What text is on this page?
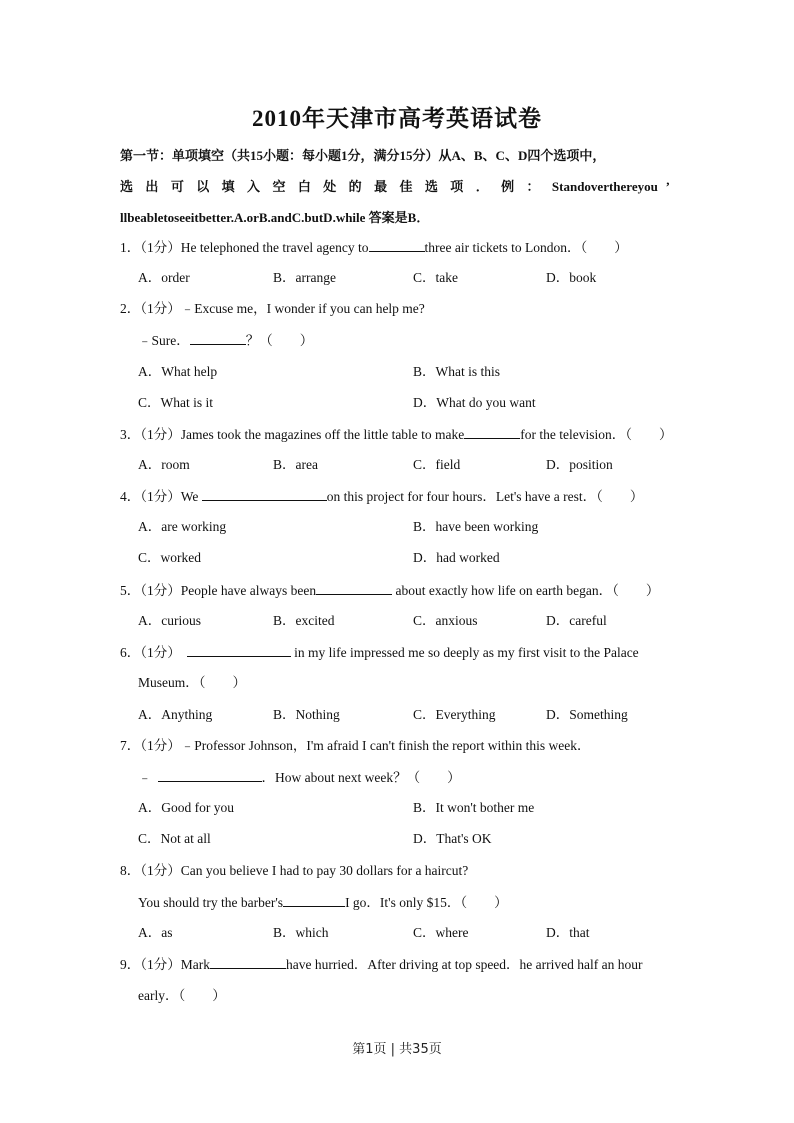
2010年天津市高考英语试卷
第一节：单项填空（共15小题：每小题1分，满分15分）从A、B、C、D四个选项中，
选 出 可 以 填 入 空 白 处 的 最 佳 选 项 ． 例 ： Standoverthereyou ’
llbeabletoseeitbetter.A.orB.andC.butD.while 答案是B．
1．（1分）He telephoned the travel agency to	three air tickets to London．（　　）
A．order	B．arrange	C．take	D．book
2．（1分）﹣Excuse me，I wonder if you can help me?
﹣Sure．	？（　　）
A．What help	B．What is this
C．What is it	D．What do you want
3．（1分）James took the magazines off the little table to make	for the television．（　　）
A．room	B．area	C．field	D．position
4．（1分）We	on this project for four hours．Let's have a rest．（　　）
A．are working	B．have been working
C．worked	D．had worked
5．（1分）People have always been	about exactly how life on earth began．（　　）
A．curious	B．excited	C．anxious	D．careful
6．（1分）	in my life impressed me so deeply as my first visit to the Palace
Museum．（　　）
A．Anything	B．Nothing	C．Everything	D．Something
7．（1分）﹣Professor Johnson，I'm afraid I can't finish the report within this week．
﹣	．How about next week？（　　）
A．Good for you	B．It won't bother me
C．Not at all	D．That's OK
8．（1分）Can you believe I had to pay 30 dollars for a haircut?
You should try the barber's	I go．It's only $15．（　　）
A．as	B．which	C．where	D．that
9．（1分）Mark	have hurried．After driving at top speed．he arrived half an hour
early．（　　）
第1页 | 共35页
